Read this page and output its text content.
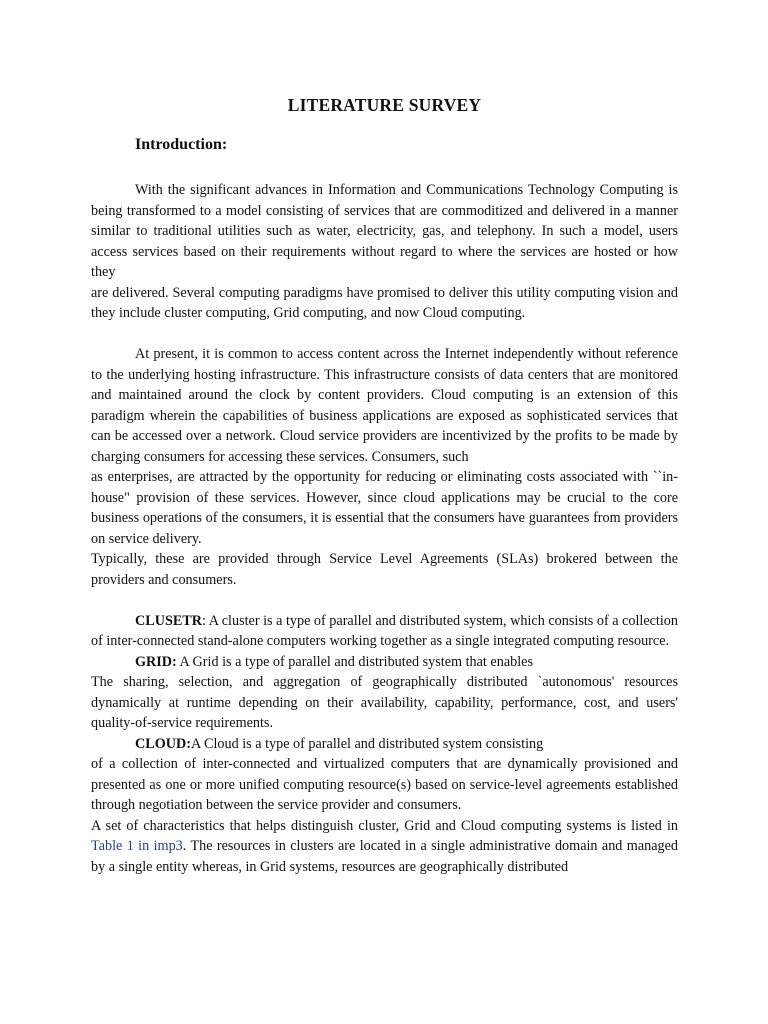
LITERATURE SURVEY
Introduction:

With the significant advances in Information and Communications Technology Computing is being transformed to a model consisting of services that are commoditized and delivered in a manner similar to traditional utilities such as water, electricity, gas, and telephony. In such a model, users access services based on their requirements without regard to where the services are hosted or how they

are delivered. Several computing paradigms have promised to deliver this utility computing vision and they include cluster computing, Grid computing, and now Cloud computing.

At present, it is common to access content across the Internet independently without reference to the underlying hosting infrastructure. This infrastructure consists of data centers that are monitored and maintained around the clock by content providers. Cloud computing is an extension of this paradigm wherein the capabilities of business applications are exposed as sophisticated services that can be accessed over a network. Cloud service providers are incentivized by the profits to be made by charging consumers for accessing these services. Consumers, such

as enterprises, are attracted by the opportunity for reducing or eliminating costs associated with ``in-house" provision of these services. However, since cloud applications may be crucial to the core business operations of the consumers, it is essential that the consumers have guarantees from providers on service delivery.

Typically, these are provided through Service Level Agreements (SLAs) brokered between the providers and consumers.

CLUSETR: A cluster is a type of parallel and distributed system, which consists of a collection of inter-connected stand-alone computers working together as a single integrated computing resource.

GRID: A Grid is a type of parallel and distributed system that enables

The sharing, selection, and aggregation of geographically distributed `autonomous' resources dynamically at runtime depending on their availability, capability, performance, cost, and users' quality-of-service requirements.

CLOUD:A Cloud is a type of parallel and distributed system consisting

of a collection of inter-connected and virtualized computers that are dynamically provisioned and presented as one or more unified computing resource(s) based on service-level agreements established through negotiation between the service provider and consumers.

A set of characteristics that helps distinguish cluster, Grid and Cloud computing systems is listed in Table 1 in imp3. The resources in clusters are located in a single administrative domain and managed by a single entity whereas, in Grid systems, resources are geographically distributed
